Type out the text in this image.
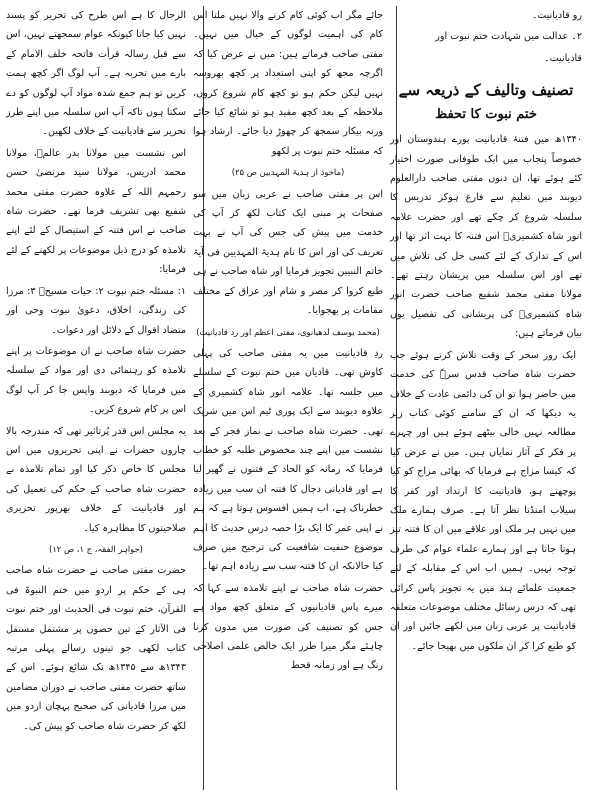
رو قادیانیت۔

۲۔ عدالت میں شہادت ختم نبوت اور

قادیانیت۔

تصنیف وتالیف کے ذریعہ سے
ختم نبوت کا تحفظ

۱۳۴۰ھ میں فتنۂ قادیانیت پورے ہندوستان اور خصوصاً پنجاب میں ایک طوفانی صورت اختیار کئے ہوئے تھا، ان دنوں مفتی صاحب دارالعلوم دیوبند میں تعلیم سے فارغ ہوکر تدریس کا سلسلہ شروع کر چکے تھے اور حضرت علامہ انور شاہ کشمیریؒ اس فتنہ کا بہت اثر تھا اور اس کے تدارک کے لئے کسی حل کی تلاش میں تھے اور اس سلسلہ میں پریشان رہتے تھے۔ مولانا مفتی محمد شفیع صاحب حضرت انور شاہ کشمیریؒ کی پریشانی کی تفصیل یوں بیان فرماتے ہیں:

ایک روز سحر کے وقت تلاش کرتے ہوئے جب حضرت شاہ صاحب قدس سرہٗ کی خدمت میں حاضر ہوا تو ان کی دائمی عادت کے خلاف یہ دیکھا کہ ان کے سامنے کوئی کتاب زیر مطالعہ نہیں خالی بیٹھے ہوئے ہیں اور چہرے پر فکر کے آثار نمایاں ہیں۔ میں نے عرض کیا کہ کیسا مزاج ہے فرمایا کہ بھائی مزاج کو کیا پوچھتے ہو، قادیانیت کا ارتداد اور کفر کا سیلاب امنڈتا نظر آتا ہے۔ صرف ہمارے ملک میں نہیں ہر ملک اور علاقے میں ان کا فتنہ تیز ہوتا جاتا ہے اور ہمارے علماء عوام کی طرف توجہ نہیں۔ ہمیں اب اس کے مقابلہ کے لئے جمعیت علمائے ہند میں یہ تجویز پاس کرائی تھی کہ درس رسائل مختلف موضوعات متعلقہ قادیانیت پر عربی زبان میں لکھے جائیں اور ان کو طبع کرا کر ان ملکوں میں بھیجا جائے۔

جائے مگر اب کوئی کام کرنے والا نہیں ملتا اس کام کی اہمیت لوگوں کے خیال میں نہیں۔ مفتی صاحب فرماتے ہیں: میں نے عرض کیا کہ اگرچہ مجھ کو اپنی استعداد پر کچھ بھروسہ نہیں لیکن حکم ہو تو کچھ کام شروع کروں، ملاحظہ کے بعد کچھ مفید ہو تو شائع کیا جائے ورنہ بیکار سمجھ کر چھوڑ دیا جائے۔ ارشاد ہوا کہ مسئلہ ختم نبوت پر لکھو

(ماخوذ از ہدیۃ المہدیین ص ۲۵)

اس پر مفتی صاحب نے عربی زبان میں سو صفحات پر مبنی ایک کتاب لکھ کر آپ کی خدمت میں پیش کی جس کی آپ نے بہت تعریف کی اور اس کا نام ہدیۃ المہدیین فی آیۃ خاتم النبیین تجویز فرمایا اور شاہ صاحب نے ہی طبع کروا کر مصر و شام اور عراق کے مختلف مقامات پر بھجوایا۔

(محمد یوسف لدھیانوی، مفتی اعظم اور رد قادیانیت)

ردِ قادیانیت میں یہ مفتی صاحب کی پہلی کاوش تھی۔ قادیان میں ختم نبوت کے سلسلے میں جلسہ تھا۔ علامہ انور شاہ کشمیری کے علاوہ دیوبند سے ایک پوری ٹیم اس میں شریک تھی۔ حضرت شاہ صاحب نے نماز فجر کے بعد نشست میں اپنے چند مخصوص طلبہ کو خطاب فرمایا کہ زمانہ کو الحاد کے فتنوں نے گھیر لیا ہے اور قادیانی دجال کا فتنہ ان سب میں زیادہ خطرناک ہے، اب ہمیں افسوس ہوتا ہے کہ ہم نے اپنی عمر کا ایک بڑا حصہ درس حدیث کا اہم موضوع حنفیت شافعیت کی ترجیح میں صرف کیا حالانکہ ان کا فتنہ سب سے زیادہ اہم تھا۔

حضرت شاہ صاحب نے اپنے تلامذہ سے کہا کہ میرے پاس قادیانیوں کے متعلق کچھ مواد ہے جس کو تصنیف کی صورت میں مدون کرنا چاہئے مگر میرا طرز ایک خالص علمی اصلاحی رنگ ہے اور زمانہ قحط

الرجال کا ہے اس طرح کی تحریر کو پسند نہیں کیا جاتا کیونکہ عوام سمجھتے نہیں، اس سے قبل رسالہ قرأت فاتحہ خلف الامام کے بارے میں تجربہ ہے۔ آپ لوگ اگر کچھ ہمت کریں تو ہم جمع شدہ مواد آپ لوگوں کو دے سکتا ہوں تاکہ آپ اس سلسلہ میں اپنے طرز تحریر سے قادیانیت کے خلاف لکھیں۔

اس نشست میں مولانا بدر عالمؒ، مولانا محمد ادریس، مولانا سید مرتضیٰ حسن رحمہم اللہ کے علاوہ حضرت مفتی محمد شفیع بھی تشریف فرما تھے۔ حضرت شاہ صاحب نے اس فتنہ کے استیصال کے لئے اپنے تلامذہ کو درج ذیل موضوعات پر لکھنے کے لئے فرمایا:

۱: مسئلہ ختم نبوت ۲: حیات مسیحؑ ۳: مرزا کی زندگی، اخلاق، دعویٰ نبوت وحی اور متضاد اقوال کے دلائل اور دعوات۔

حضرت شاہ صاحب نے ان موضوعات پر اپنے تلامذہ کو رہنمائی دی اور مواد کے سلسلہ میں فرمایا کہ دیوبند واپس جا کر آپ لوگ اس پر کام شروع کریں۔

یہ مجلس اس قدر پُرتاثیر تھی کہ مندرجہ بالا چاروں حضرات نے اپنی تحریروں میں اس مجلس کا خاص ذکر کیا اور تمام تلامذہ نے حضرت شاہ صاحب کے حکم کی تعمیل کی اور قادیانیت کے خلاف بھرپور تحریری صلاحیتوں کا مظاہرہ کیا۔

(جواہر الفقہ، ج ۱، ص ۱۲)

حضرت مفتی صاحب نے حضرت شاہ صاحب ہی کے حکم پر اردو میں ختم النبوۃ فی القرآن، ختم نبوت فی الحدیث اور ختم نبوت فی الآثار کے تین حصوں پر مشتمل مستقل کتاب لکھی جو تینوں رسالے پہلی مرتبہ ۱۳۴۳ھ سے ۱۳۴۵ھ تک شائع ہوئے۔ اس کے ساتھ حضرت مفتی صاحب نے دوران مضامین میں مرزا قادیانی کی صحیح پہچان اردو میں لکھ کر حضرت شاہ صاحب کو پیش کی۔
